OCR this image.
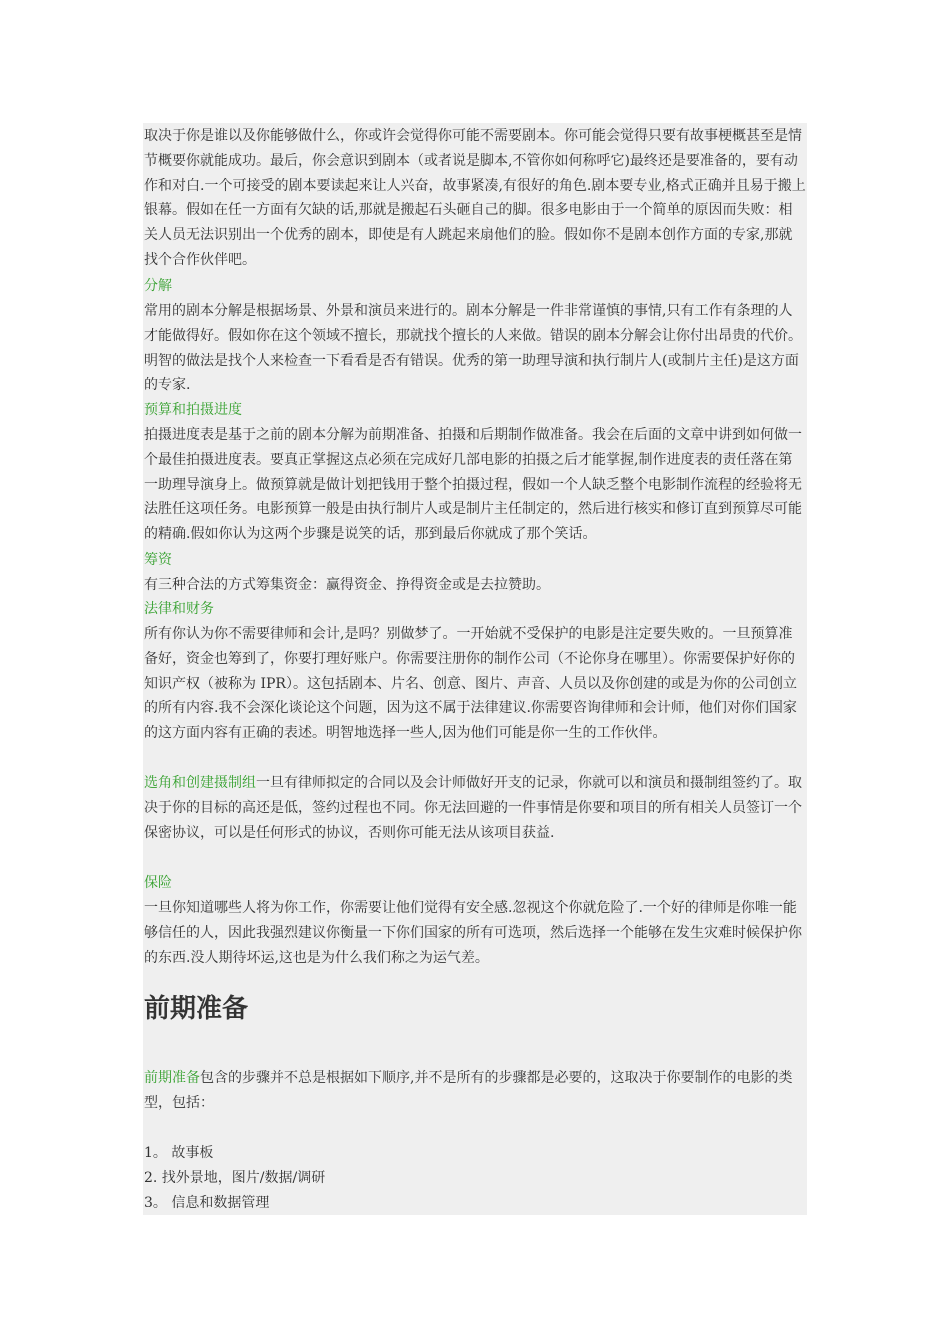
取决于你是谁以及你能够做什么，你或许会觉得你可能不需要剧本。你可能会觉得只要有故事梗概甚至是情节概要你就能成功。最后，你会意识到剧本（或者说是脚本,不管你如何称呼它)最终还是要准备的，要有动作和对白.一个可接受的剧本要读起来让人兴奋，故事紧凑,有很好的角色.剧本要专业,格式正确并且易于搬上银幕。假如在任一方面有欠缺的话,那就是搬起石头砸自己的脚。很多电影由于一个简单的原因而失败：相关人员无法识别出一个优秀的剧本，即使是有人跳起来扇他们的脸。假如你不是剧本创作方面的专家,那就找个合作伙伴吧。

分解

常用的剧本分解是根据场景、外景和演员来进行的。剧本分解是一件非常谨慎的事情,只有工作有条理的人才能做得好。假如你在这个领域不擅长，那就找个擅长的人来做。错误的剧本分解会让你付出昂贵的代价。明智的做法是找个人来检查一下看看是否有错误。优秀的第一助理导演和执行制片人(或制片主任)是这方面的专家.

预算和拍摄进度

拍摄进度表是基于之前的剧本分解为前期准备、拍摄和后期制作做准备。我会在后面的文章中讲到如何做一个最佳拍摄进度表。要真正掌握这点必须在完成好几部电影的拍摄之后才能掌握,制作进度表的责任落在第一助理导演身上。做预算就是做计划把钱用于整个拍摄过程，假如一个人缺乏整个电影制作流程的经验将无法胜任这项任务。电影预算一般是由执行制片人或是制片主任制定的，然后进行核实和修订直到预算尽可能的精确.假如你认为这两个步骤是说笑的话，那到最后你就成了那个笑话。

筹资

有三种合法的方式筹集资金：赢得资金、挣得资金或是去拉赞助。

法律和财务

所有你认为你不需要律师和会计,是吗？别做梦了。一开始就不受保护的电影是注定要失败的。一旦预算准备好，资金也筹到了，你要打理好账户。你需要注册你的制作公司（不论你身在哪里）。你需要保护好你的知识产权（被称为 IPR）。这包括剧本、片名、创意、图片、声音、人员以及你创建的或是为你的公司创立的所有内容.我不会深化谈论这个问题，因为这不属于法律建议.你需要咨询律师和会计师，他们对你们国家的这方面内容有正确的表述。明智地选择一些人,因为他们可能是你一生的工作伙伴。

选角和创建摄制组一旦有律师拟定的合同以及会计师做好开支的记录，你就可以和演员和摄制组签约了。取决于你的目标的高还是低，签约过程也不同。你无法回避的一件事情是你要和项目的所有相关人员签订一个保密协议，可以是任何形式的协议，否则你可能无法从该项目获益.

保险

一旦你知道哪些人将为你工作，你需要让他们觉得有安全感.忽视这个你就危险了.一个好的律师是你唯一能够信任的人，因此我强烈建议你衡量一下你们国家的所有可选项，然后选择一个能够在发生灾难时候保护你的东西.没人期待坏运,这也是为什么我们称之为运气差。

前期准备

前期准备包含的步骤并不总是根据如下顺序,并不是所有的步骤都是必要的，这取决于你要制作的电影的类型，包括：

1。 故事板

2. 找外景地，图片/数据/调研

3。 信息和数据管理
